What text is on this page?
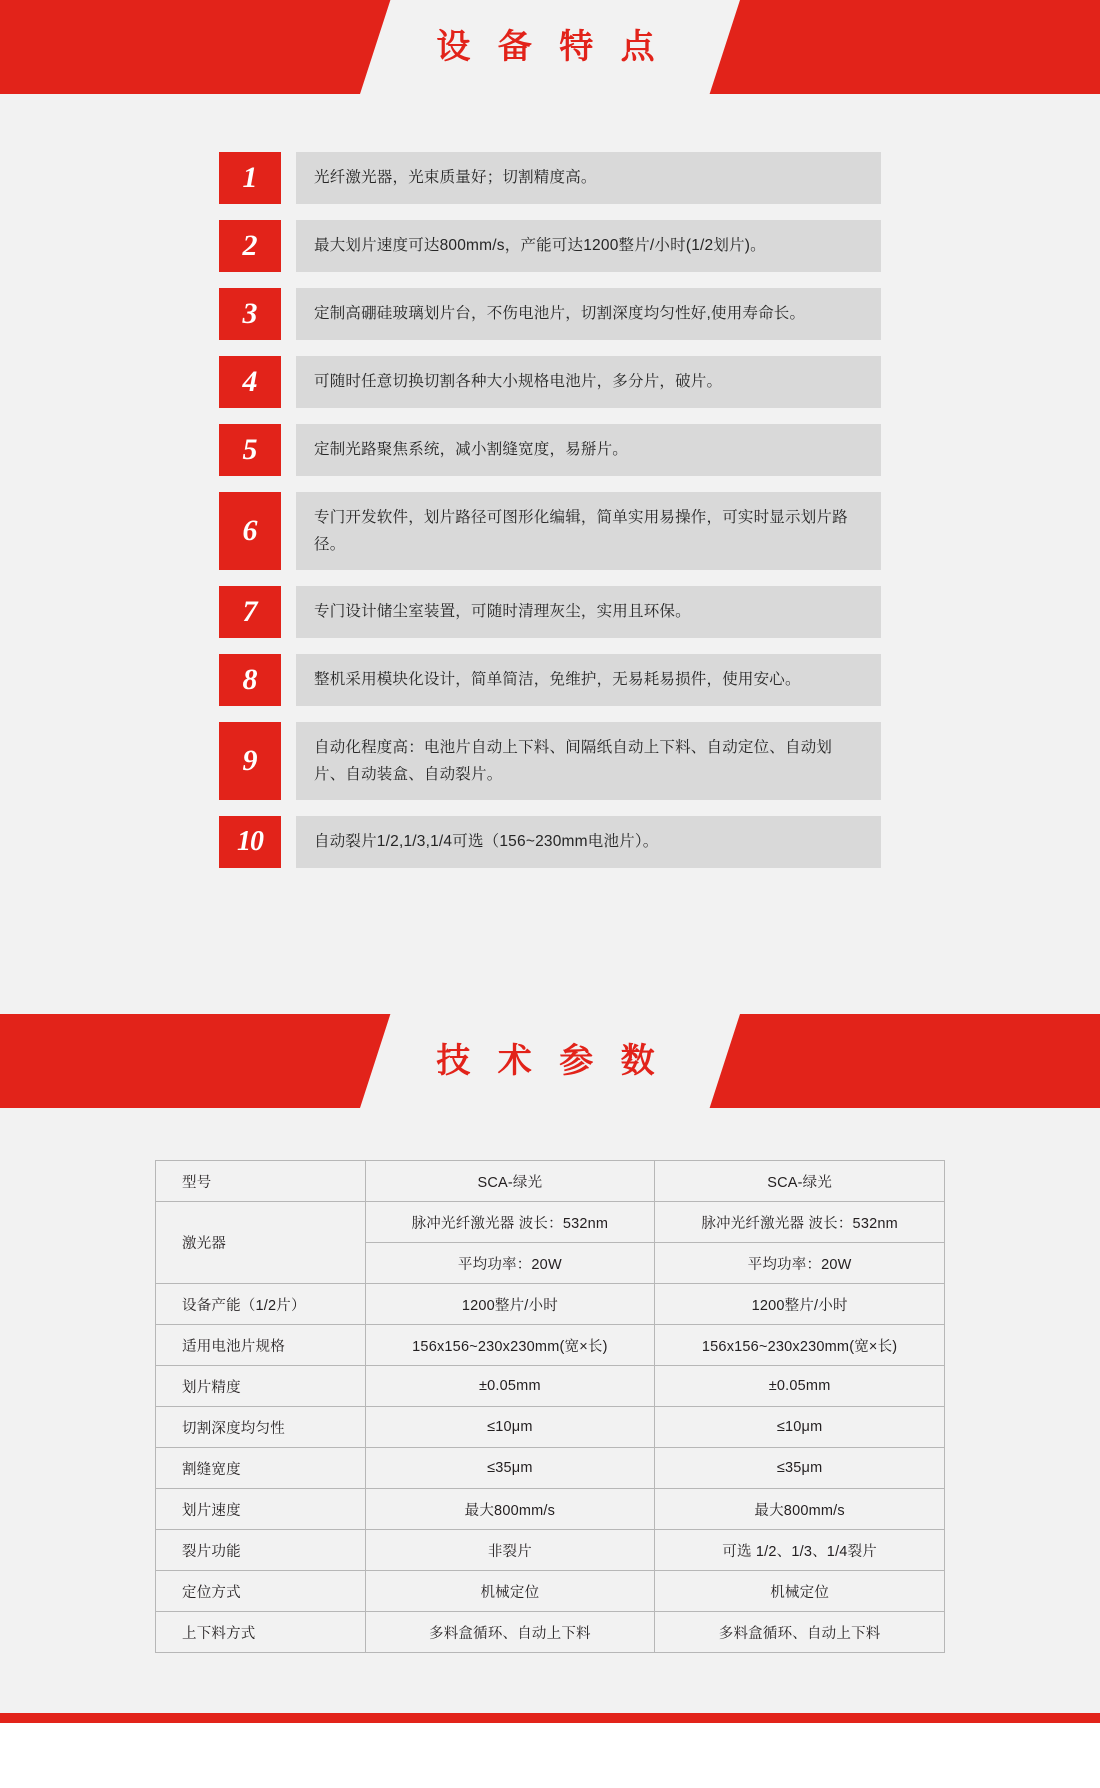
设 备 特 点
1	光纤激光器，光束质量好；切割精度高。
2	最大划片速度可达800mm/s，产能可达1200整片/小时(1/2划片)。
3	定制高硼硅玻璃划片台，不伤电池片，切割深度均匀性好,使用寿命长。
4	可随时任意切换切割各种大小规格电池片，多分片，破片。
5	定制光路聚焦系统，减小割缝宽度，易掰片。
6	专门开发软件，划片路径可图形化编辑，简单实用易操作，可实时显示划片路径。
7	专门设计储尘室装置，可随时清理灰尘，实用且环保。
8	整机采用模块化设计，简单简洁，免维护，无易耗易损件，使用安心。
9	自动化程度高：电池片自动上下料、间隔纸自动上下料、自动定位、自动划片、自动装盒、自动裂片。
10	自动裂片1/2,1/3,1/4可选（156~230mm电池片）。
技 术 参 数
型号	SCA-绿光	SCA-绿光
激光器	脉冲光纤激光器 波长：532nm	脉冲光纤激光器 波长：532nm
	平均功率：20W	平均功率：20W
设备产能（1/2片）	1200整片/小时	1200整片/小时
适用电池片规格	156x156~230x230mm(宽×长)	156x156~230x230mm(宽×长)
划片精度	±0.05mm	±0.05mm
切割深度均匀性	≤10μm	≤10μm
割缝宽度	≤35μm	≤35μm
划片速度	最大800mm/s	最大800mm/s
裂片功能	非裂片	可选 1/2、1/3、1/4裂片
定位方式	机械定位	机械定位
上下料方式	多料盒循环、自动上下料	多料盒循环、自动上下料
